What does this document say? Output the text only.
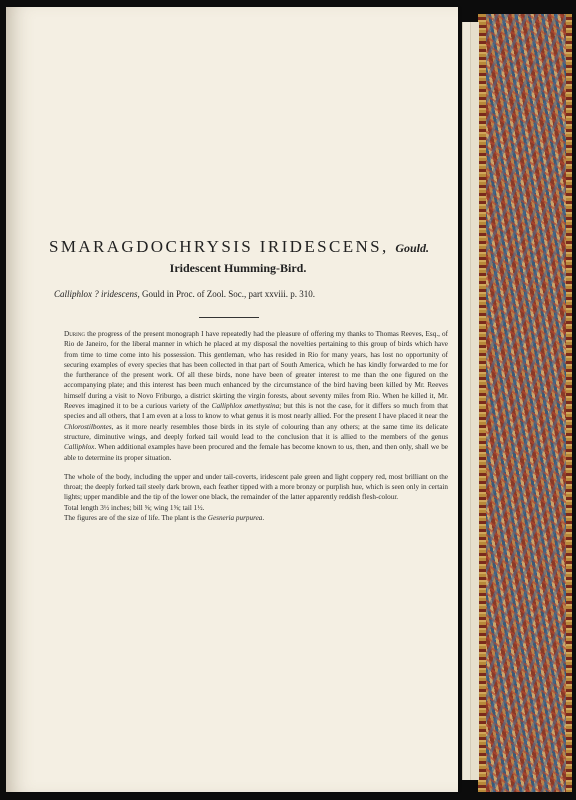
SMARAGDOCHRYSIS IRIDESCENS, Gould.
Iridescent Humming-Bird.
Calliphlox ? iridescens, Gould in Proc. of Zool. Soc., part xxviii. p. 310.

During the progress of the present monograph I have repeatedly had the pleasure of offering my thanks to Thomas Reeves, Esq., of Rio de Janeiro, for the liberal manner in which he placed at my disposal the novelties pertaining to this group of birds which have from time to time come into his possession. This gentleman, who has resided in Rio for many years, has lost no opportunity of securing examples of every species that has been collected in that part of South America, which he has kindly forwarded to me for the furtherance of the present work. Of all these birds, none have been of greater interest to me than the one figured on the accompanying plate; and this interest has been much enhanced by the circumstance of the bird having been killed by Mr. Reeves himself during a visit to Novo Friburgo, a district skirting the virgin forests, about seventy miles from Rio. When he killed it, Mr. Reeves imagined it to be a curious variety of the Calliphlox amethystina; but this is not the case, for it differs so much from that species and all others, that I am even at a loss to know to what genus it is most nearly allied. For the present I have placed it near the Chlorostilbontes, as it more nearly resembles those birds in its style of colouring than any others; at the same time its delicate structure, diminutive wings, and deeply forked tail would lead to the conclusion that it is allied to the members of the genus Calliphlox. When additional examples have been procured and the female has become known to us, then, and then only, shall we be able to determine its proper situation.

The whole of the body, including the upper and under tail-coverts, iridescent pale green and light coppery red, most brilliant on the throat; the deeply forked tail steely dark brown, each feather tipped with a more bronzy or purplish hue, which is seen only in certain lights; upper mandible and the tip of the lower one black, the remainder of the latter apparently reddish flesh-colour.

Total length 3½ inches; bill ⅝; wing 1⅝; tail 1½.

The figures are of the size of life. The plant is the Gesneria purpurea.
